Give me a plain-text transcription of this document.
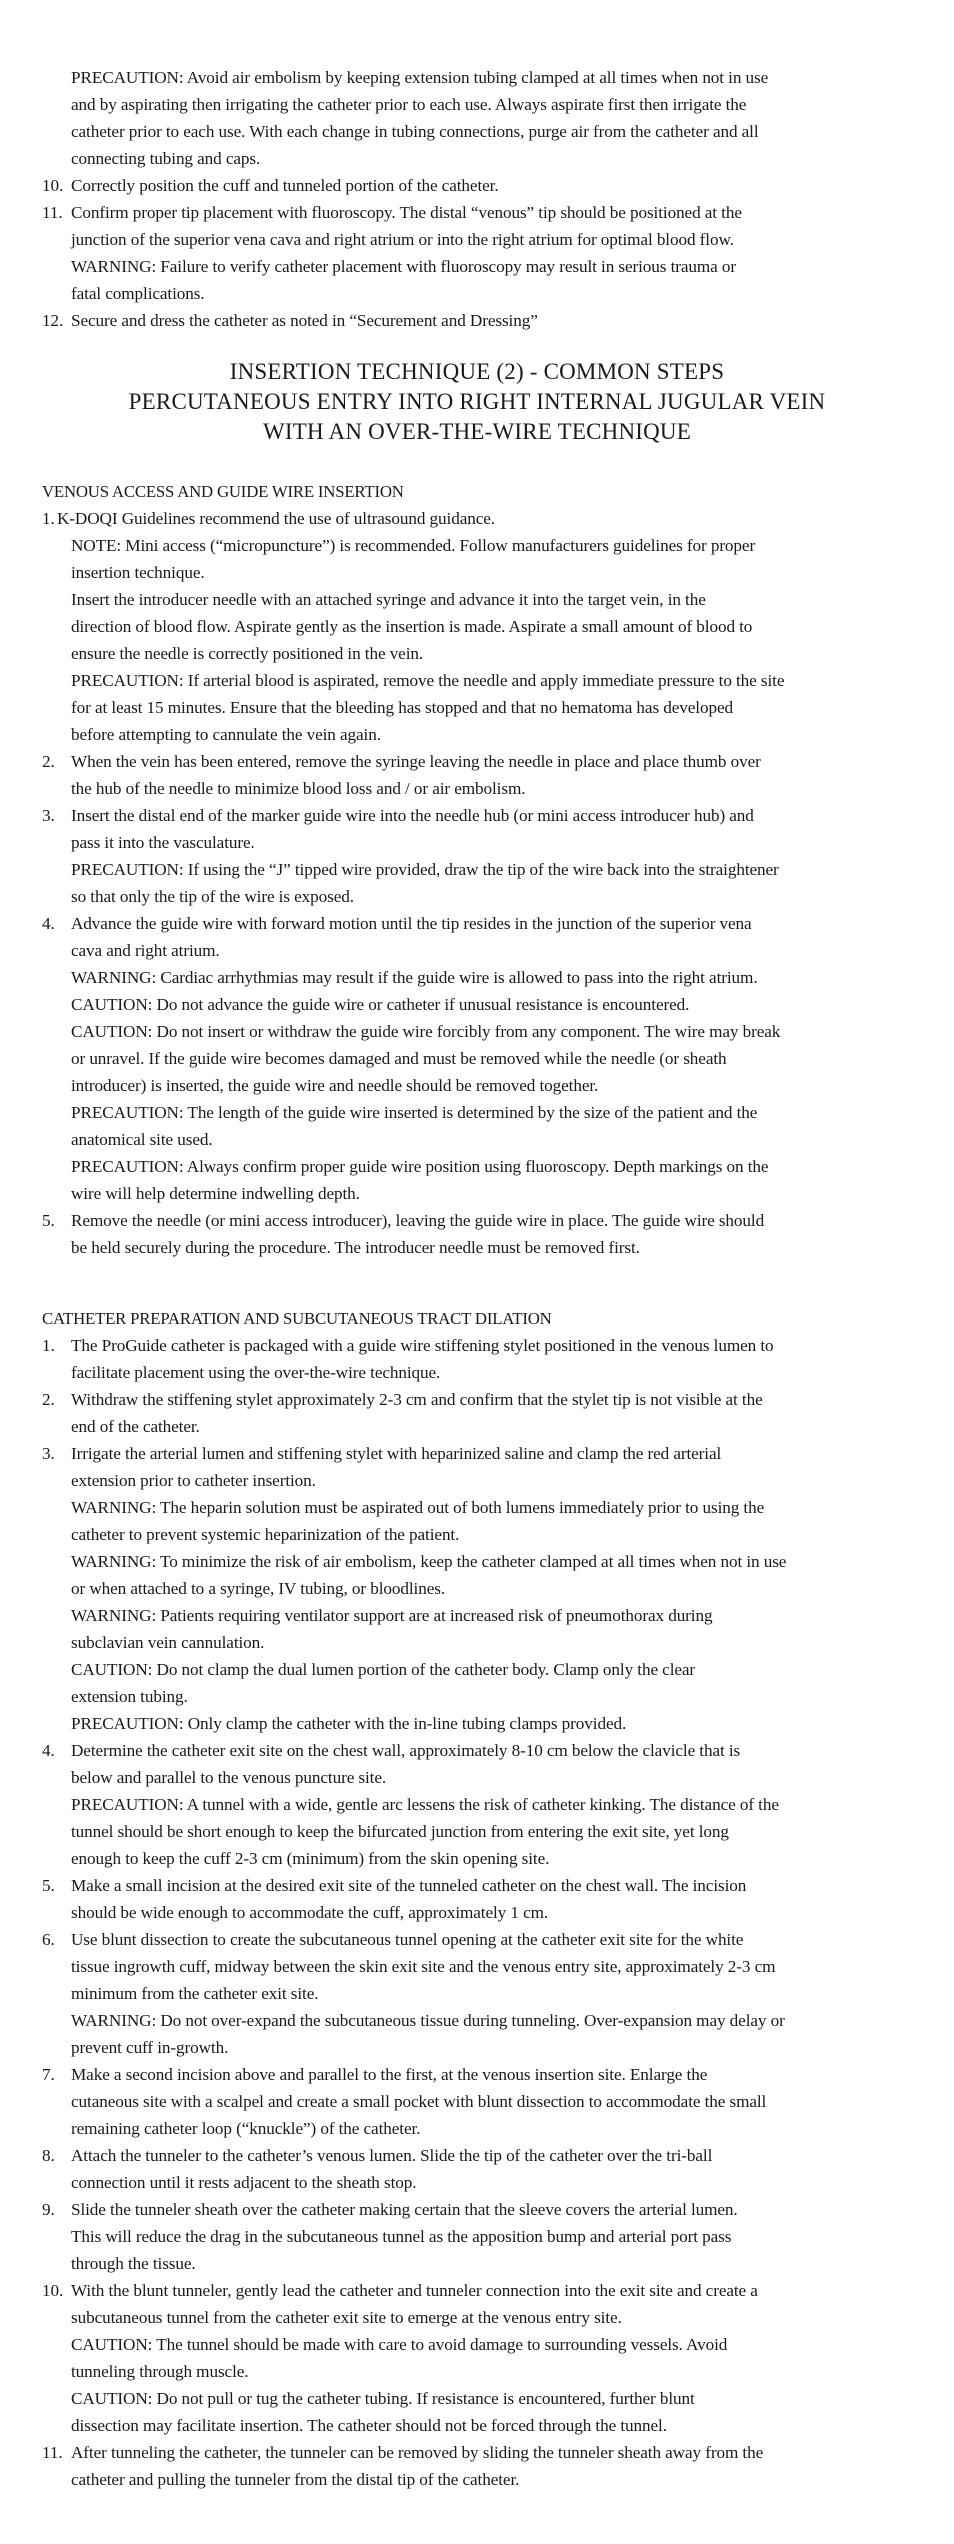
PRECAUTION: Avoid air embolism by keeping extension tubing clamped at all times when not in use
and by aspirating then irrigating the catheter prior to each use. Always aspirate first then irrigate the
catheter prior to each use. With each change in tubing connections, purge air from the catheter and all
connecting tubing and caps.
10. Correctly position the cuff and tunneled portion of the catheter.
11. Confirm proper tip placement with fluoroscopy. The distal “venous” tip should be positioned at the
junction of the superior vena cava and right atrium or into the right atrium for optimal blood flow.
WARNING: Failure to verify catheter placement with fluoroscopy may result in serious trauma or
fatal complications.
12. Secure and dress the catheter as noted in “Securement and Dressing”
INSERTION TECHNIQUE (2) - COMMON STEPS
PERCUTANEOUS ENTRY INTO RIGHT INTERNAL JUGULAR VEIN
WITH AN OVER-THE-WIRE TECHNIQUE
VENOUS ACCESS AND GUIDE WIRE INSERTION
1. K-DOQI Guidelines recommend the use of ultrasound guidance.
NOTE: Mini access (“micropuncture”) is recommended. Follow manufacturers guidelines for proper
insertion technique.
Insert the introducer needle with an attached syringe and advance it into the target vein, in the
direction of blood flow. Aspirate gently as the insertion is made. Aspirate a small amount of blood to
ensure the needle is correctly positioned in the vein.
PRECAUTION: If arterial blood is aspirated, remove the needle and apply immediate pressure to the site
for at least 15 minutes. Ensure that the bleeding has stopped and that no hematoma has developed
before attempting to cannulate the vein again.
2. When the vein has been entered, remove the syringe leaving the needle in place and place thumb over
the hub of the needle to minimize blood loss and / or air embolism.
3. Insert the distal end of the marker guide wire into the needle hub (or mini access introducer hub) and
pass it into the vasculature.
PRECAUTION: If using the “J” tipped wire provided, draw the tip of the wire back into the straightener
so that only the tip of the wire is exposed.
4. Advance the guide wire with forward motion until the tip resides in the junction of the superior vena
cava and right atrium.
WARNING: Cardiac arrhythmias may result if the guide wire is allowed to pass into the right atrium.
CAUTION: Do not advance the guide wire or catheter if unusual resistance is encountered.
CAUTION: Do not insert or withdraw the guide wire forcibly from any component. The wire may break
or unravel. If the guide wire becomes damaged and must be removed while the needle (or sheath
introducer) is inserted, the guide wire and needle should be removed together.
PRECAUTION: The length of the guide wire inserted is determined by the size of the patient and the
anatomical site used.
PRECAUTION: Always confirm proper guide wire position using fluoroscopy. Depth markings on the
wire will help determine indwelling depth.
5. Remove the needle (or mini access introducer), leaving the guide wire in place. The guide wire should
be held securely during the procedure. The introducer needle must be removed first.
CATHETER PREPARATION AND SUBCUTANEOUS TRACT DILATION
1. The ProGuide catheter is packaged with a guide wire stiffening stylet positioned in the venous lumen to
facilitate placement using the over-the-wire technique.
2. Withdraw the stiffening stylet approximately 2-3 cm and confirm that the stylet tip is not visible at the
end of the catheter.
3. Irrigate the arterial lumen and stiffening stylet with heparinized saline and clamp the red arterial
extension prior to catheter insertion.
WARNING: The heparin solution must be aspirated out of both lumens immediately prior to using the
catheter to prevent systemic heparinization of the patient.
WARNING: To minimize the risk of air embolism, keep the catheter clamped at all times when not in use
or when attached to a syringe, IV tubing, or bloodlines.
WARNING: Patients requiring ventilator support are at increased risk of pneumothorax during
subclavian vein cannulation.
CAUTION: Do not clamp the dual lumen portion of the catheter body. Clamp only the clear
extension tubing.
PRECAUTION: Only clamp the catheter with the in-line tubing clamps provided.
4. Determine the catheter exit site on the chest wall, approximately 8-10 cm below the clavicle that is
below and parallel to the venous puncture site.
PRECAUTION: A tunnel with a wide, gentle arc lessens the risk of catheter kinking. The distance of the
tunnel should be short enough to keep the bifurcated junction from entering the exit site, yet long
enough to keep the cuff 2-3 cm (minimum) from the skin opening site.
5. Make a small incision at the desired exit site of the tunneled catheter on the chest wall. The incision
should be wide enough to accommodate the cuff, approximately 1 cm.
6. Use blunt dissection to create the subcutaneous tunnel opening at the catheter exit site for the white
tissue ingrowth cuff, midway between the skin exit site and the venous entry site, approximately 2-3 cm
minimum from the catheter exit site.
WARNING: Do not over-expand the subcutaneous tissue during tunneling. Over-expansion may delay or
prevent cuff in-growth.
7. Make a second incision above and parallel to the first, at the venous insertion site. Enlarge the
cutaneous site with a scalpel and create a small pocket with blunt dissection to accommodate the small
remaining catheter loop (“knuckle”) of the catheter.
8. Attach the tunneler to the catheter’s venous lumen. Slide the tip of the catheter over the tri-ball
connection until it rests adjacent to the sheath stop.
9. Slide the tunneler sheath over the catheter making certain that the sleeve covers the arterial lumen.
This will reduce the drag in the subcutaneous tunnel as the apposition bump and arterial port pass
through the tissue.
10. With the blunt tunneler, gently lead the catheter and tunneler connection into the exit site and create a
subcutaneous tunnel from the catheter exit site to emerge at the venous entry site.
CAUTION: The tunnel should be made with care to avoid damage to surrounding vessels. Avoid
tunneling through muscle.
CAUTION: Do not pull or tug the catheter tubing. If resistance is encountered, further blunt
dissection may facilitate insertion. The catheter should not be forced through the tunnel.
11. After tunneling the catheter, the tunneler can be removed by sliding the tunneler sheath away from the
catheter and pulling the tunneler from the distal tip of the catheter.
